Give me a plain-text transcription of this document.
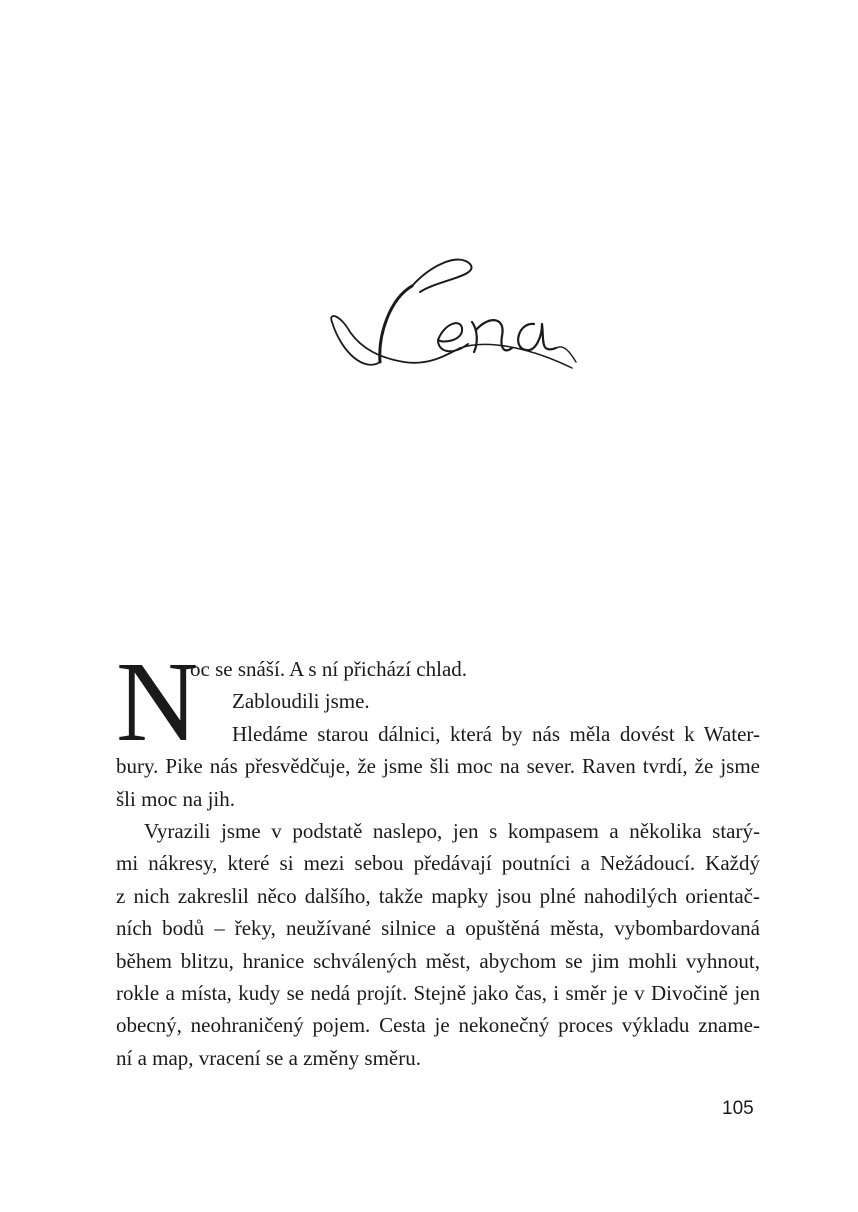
N
oc se snáší. A s ní přichází chlad.
Zabloudili jsme.
Hledáme starou dálnici, která by nás měla dovést k Water-
bury. Pike nás přesvědčuje, že jsme šli moc na sever. Raven tvrdí, že jsme
šli moc na jih.
Vyrazili jsme v podstatě naslepo, jen s kompasem a několika starý-
mi nákresy, které si mezi sebou předávají poutníci a Nežádoucí. Každý
z nich zakreslil něco dalšího, takže mapky jsou plné nahodilých orientač-
ních bodů – řeky, neužívané silnice a opuštěná města, vybombardovaná
během blitzu, hranice schválených měst, abychom se jim mohli vyhnout,
rokle a místa, kudy se nedá projít. Stejně jako čas, i směr je v Divočině jen
obecný, neohraničený pojem. Cesta je nekonečný proces výkladu zname-
ní a map, vracení se a změny směru.
105
